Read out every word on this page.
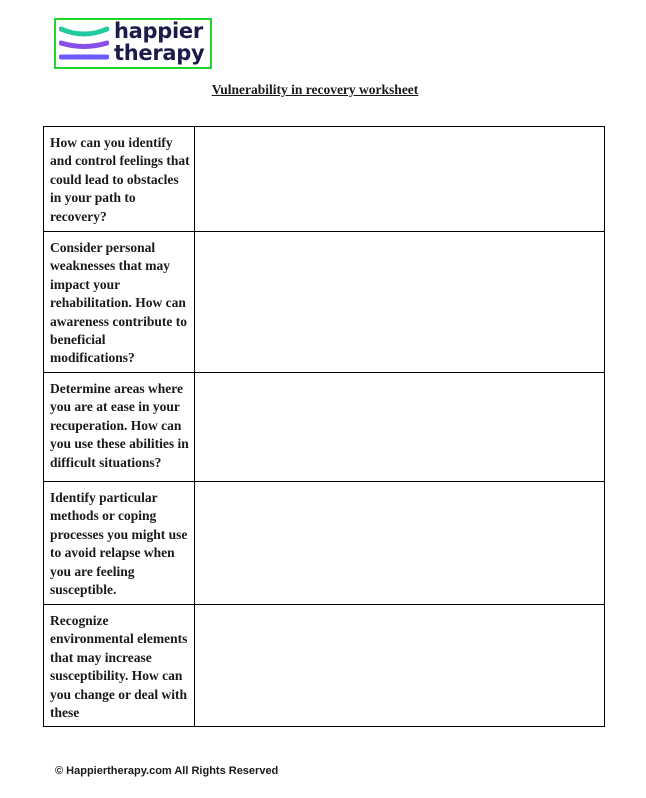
happier
therapy
Vulnerability in recovery worksheet
How can you identify and control feelings that could lead to obstacles in your path to recovery?	

Consider personal weaknesses that may impact your rehabilitation. How can awareness contribute to beneficial modifications?	

Determine areas where you are at ease in your recuperation. How can you use these abilities in difficult situations?	

Identify particular methods or coping processes you might use to avoid relapse when you are feeling susceptible.	

Recognize environmental elements that may increase susceptibility. How can you change or deal with these	

© Happiertherapy.com All Rights Reserved
